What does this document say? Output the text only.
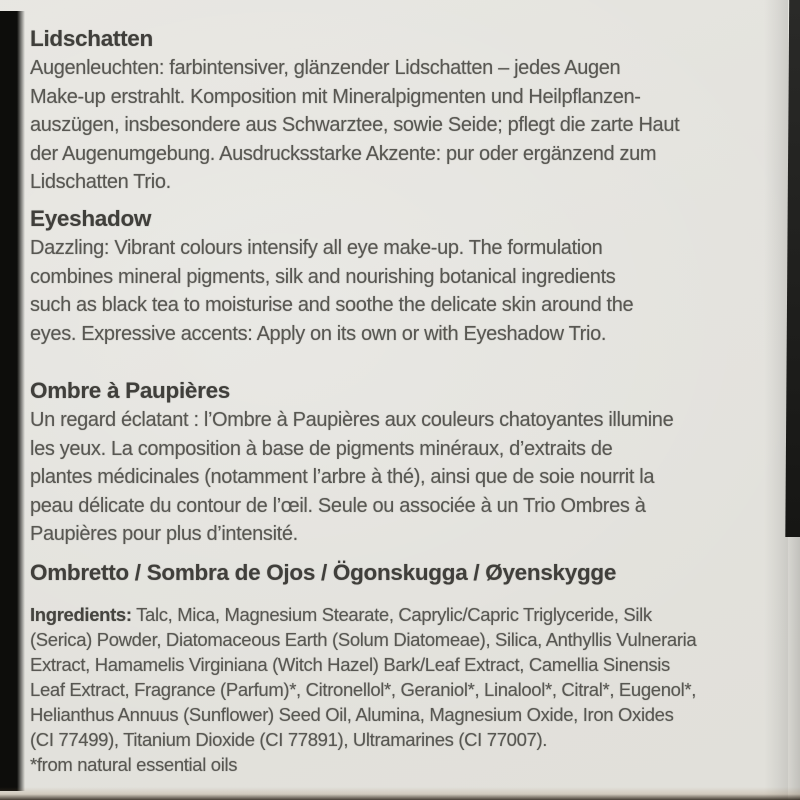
Lidschatten
Augenleuchten: farbintensiver, glänzender Lidschatten – jedes Augen
Make-up erstrahlt. Komposition mit Mineralpigmenten und Heilpflanzen-
auszügen, insbesondere aus Schwarztee, sowie Seide; pflegt die zarte Haut
der Augenumgebung. Ausdrucksstarke Akzente: pur oder ergänzend zum
Lidschatten Trio.
Eyeshadow
Dazzling: Vibrant colours intensify all eye make-up. The formulation
combines mineral pigments, silk and nourishing botanical ingredients
such as black tea to moisturise and soothe the delicate skin around the
eyes. Expressive accents: Apply on its own or with Eyeshadow Trio.
Ombre à Paupières
Un regard éclatant : l’Ombre à Paupières aux couleurs chatoyantes illumine
les yeux. La composition à base de pigments minéraux, d’extraits de
plantes médicinales (notamment l’arbre à thé), ainsi que de soie nourrit la
peau délicate du contour de l’œil. Seule ou associée à un Trio Ombres à
Paupières pour plus d’intensité.
Ombretto / Sombra de Ojos / Ögonskugga / Øyenskygge
Ingredients: Talc, Mica, Magnesium Stearate, Caprylic/Capric Triglyceride, Silk
(Serica) Powder, Diatomaceous Earth (Solum Diatomeae), Silica, Anthyllis Vulneraria
Extract, Hamamelis Virginiana (Witch Hazel) Bark/Leaf Extract, Camellia Sinensis
Leaf Extract, Fragrance (Parfum)*, Citronellol*, Geraniol*, Linalool*, Citral*, Eugenol*,
Helianthus Annuus (Sunflower) Seed Oil, Alumina, Magnesium Oxide, Iron Oxides
(CI 77499), Titanium Dioxide (CI 77891), Ultramarines (CI 77007).
*from natural essential oils
